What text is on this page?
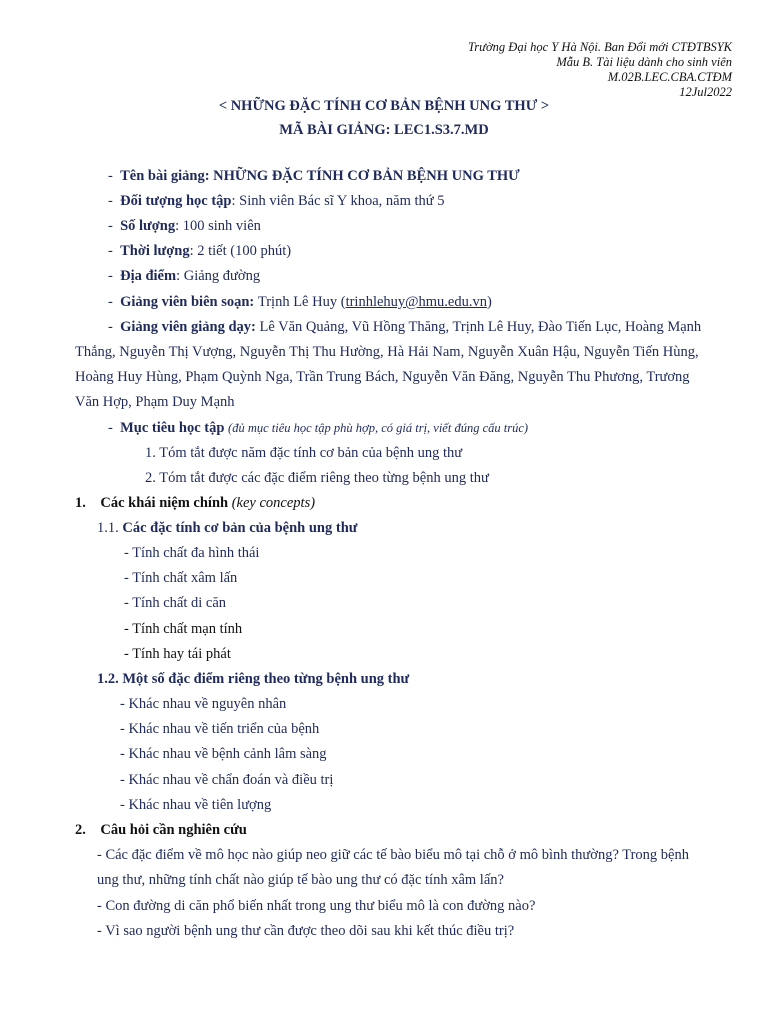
Trường Đại học Y Hà Nội. Ban Đổi mới CTĐTBSYK
Mẫu B. Tài liệu dành cho sinh viên
M.02B.LEC.CBA.CTĐM
12Jul2022
< NHỮNG ĐẶC TÍNH CƠ BẢN BỆNH UNG THƯ >
MÃ BÀI GIẢNG: LEC1.S3.7.MD
- Tên bài giảng: NHỮNG ĐẶC TÍNH CƠ BẢN BỆNH UNG THƯ
- Đối tượng học tập: Sinh viên Bác sĩ Y khoa, năm thứ 5
- Số lượng: 100 sinh viên
- Thời lượng: 2 tiết (100 phút)
- Địa điểm: Giảng đường
- Giảng viên biên soạn: Trịnh Lê Huy (trinhlehuy@hmu.edu.vn)
- Giảng viên giảng dạy: Lê Văn Quảng, Vũ Hồng Thăng, Trịnh Lê Huy, Đào Tiến Lục, Hoàng Mạnh
Thắng, Nguyễn Thị Vượng, Nguyễn Thị Thu Hường, Hà Hải Nam, Nguyễn Xuân Hậu, Nguyễn Tiến Hùng,
Hoàng Huy Hùng, Phạm Quỳnh Nga, Trần Trung Bách, Nguyễn Văn Đăng, Nguyễn Thu Phương, Trương
Văn Hợp, Phạm Duy Mạnh
- Mục tiêu học tập (đủ mục tiêu học tập phù hợp, có giá trị, viết đúng cấu trúc)
1. Tóm tắt được năm đặc tính cơ bản của bệnh ung thư
2. Tóm tắt được các đặc điểm riêng theo từng bệnh ung thư
1. Các khái niệm chính (key concepts)
1.1. Các đặc tính cơ bản của bệnh ung thư
- Tính chất đa hình thái
- Tính chất xâm lấn
- Tính chất di căn
- Tính chất mạn tính
- Tính hay tái phát
1.2. Một số đặc điểm riêng theo từng bệnh ung thư
- Khác nhau về nguyên nhân
- Khác nhau về tiến triển của bệnh
- Khác nhau về bệnh cảnh lâm sàng
- Khác nhau về chẩn đoán và điều trị
- Khác nhau về tiên lượng
2. Câu hỏi cần nghiên cứu
- Các đặc điểm về mô học nào giúp neo giữ các tế bào biểu mô tại chỗ ở mô bình thường? Trong bệnh
ung thư, những tính chất nào giúp tế bào ung thư có đặc tính xâm lấn?
- Con đường di căn phổ biến nhất trong ung thư biểu mô là con đường nào?
- Vì sao người bệnh ung thư cần được theo dõi sau khi kết thúc điều trị?
